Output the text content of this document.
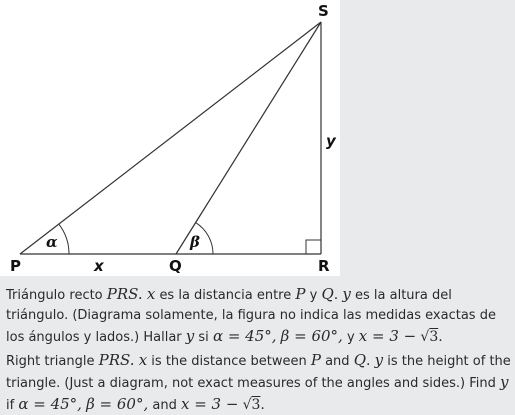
S
P	Q	R
y
x
α	β

Triángulo recto PRS. x es la distancia entre P y Q. y es la altura del triángulo. (Diagrama solamente, la figura no indica las medidas exactas de los ángulos y lados.) Hallar y si α = 45°, β = 60°, y x = 3 − √3.

Right triangle PRS. x is the distance between P and Q. y is the height of the triangle. (Just a diagram, not exact measures of the angles and sides.) Find y if α = 45°, β = 60°, and x = 3 − √3.
